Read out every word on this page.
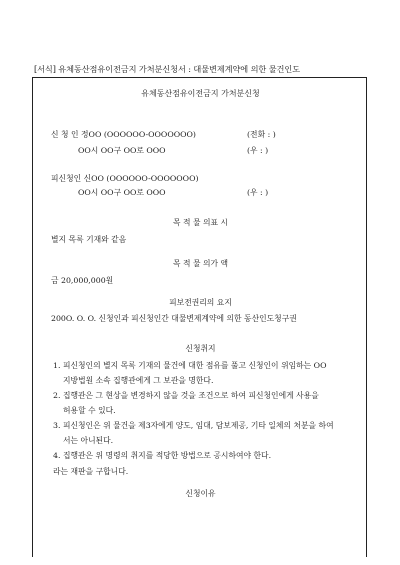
[서식] 유체동산점유이전금지 가처분신청서 : 대물변제계약에 의한 물건인도
유체동산점유이전금지 가처분신청
신 청 인 정OO (OOOOOO-OOOOOOO)	(전화 : )
OO시 OO구 OO로 OOO	(우 : )
피신청인 신OO (OOOOOO-OOOOOOO)
OO시 OO구 OO로 OOO	(우 : )
목 적 물 의표 시
별지 목록 기재와 같음
목 적 물 의가 액
금 20,000,000원
피보전권리의 요지
200O. O. O. 신청인과 피신청인간 대물변제계약에 의한 동산인도청구권
신청취지
1. 피신청인의 별지 목록 기재의 물건에 대한 점유를 풀고 신청인이 위임하는 OO
지방법원 소속 집행관에게 그 보관을 명한다.
2. 집행관은 그 현상을 변경하지 않을 것을 조건으로 하여 피신청인에게 사용을
허용할 수 있다.
3. 피신청인은 위 물건을 제3자에게 양도, 임대, 담보제공, 기타 일체의 처분을 하여
서는 아니된다.
4. 집행관은 위 명령의 취지를 적당한 방법으로 공시하여야 한다.
라는 재판을 구합니다.
신청이유
